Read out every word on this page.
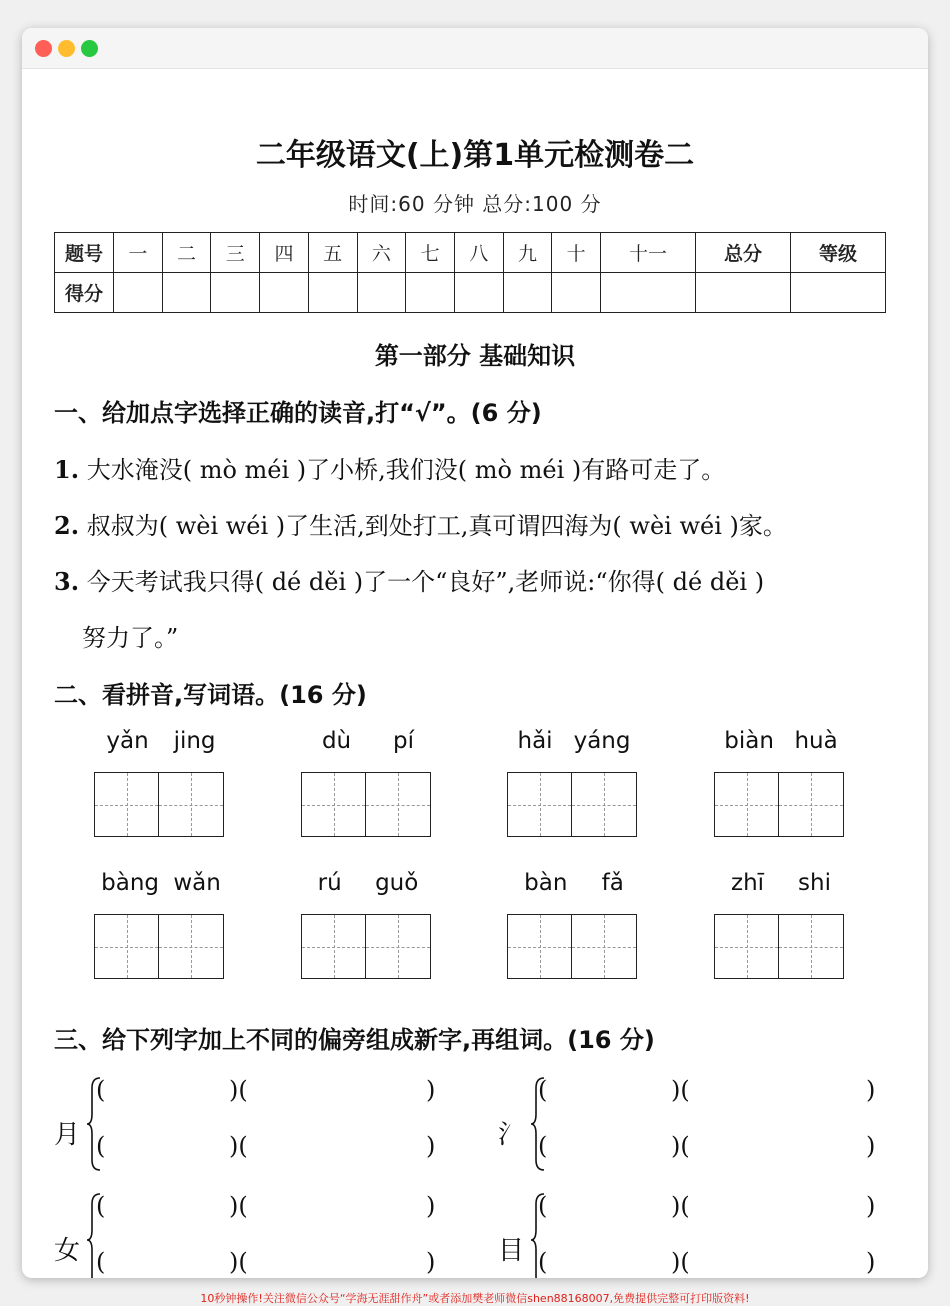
二年级语文(上)第1单元检测卷二
时间:60 分钟 总分:100 分
题号	一	二	三	四	五	六	七	八	九	十	十一	总分	等级
得分													
第一部分 基础知识
一、给加点字选择正确的读音,打“√”。(6 分)
1. 大水淹没( mò méi )了小桥,我们没( mò méi )有路可走了。
2. 叔叔为( wèi wéi )了生活,到处打工,真可谓四海为( wèi wéi )家。
3. 今天考试我只得( dé děi )了一个“良好”,老师说:“你得( dé děi )
努力了。”
二、看拼音,写词语。(16 分)
yǎn jing	dù pí	hǎi yáng	biàn huà
bàng wǎn	rú guǒ	bàn fǎ	zhī shi
三、给下列字加上不同的偏旁组成新字,再组词。(16 分)
月
(	)(	)
(	)(	) 氵
(	)(	)
(	)(	)
女
(	)(	)
(	)(	) 目
(	)(	)
(	)(	)
10秒钟操作!关注微信公众号“学海无涯甜作舟”或者添加樊老师微信shen88168007,免费提供完整可打印版资料!
